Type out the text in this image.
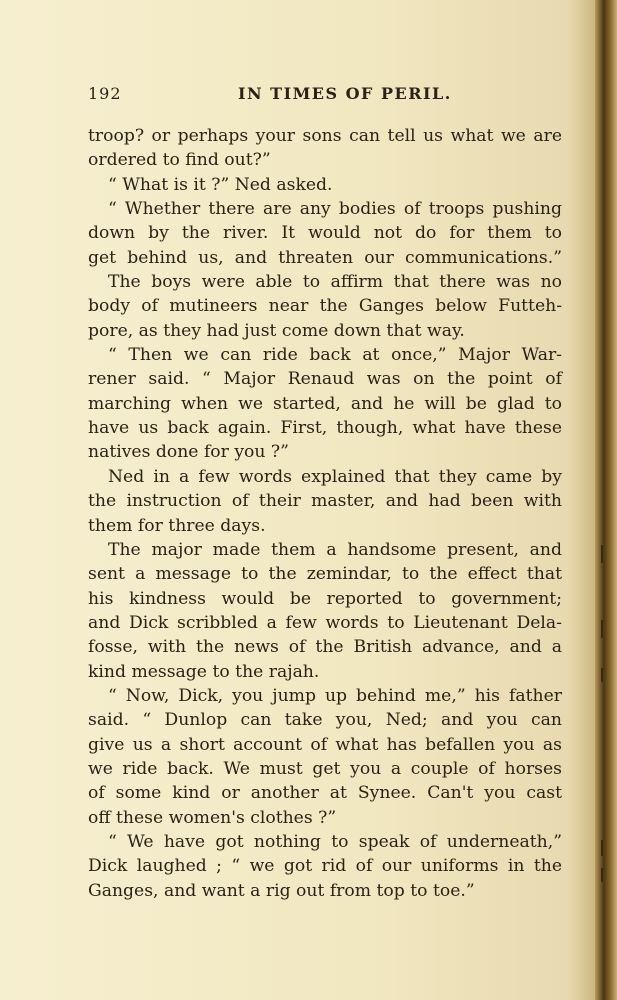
192	IN TIMES OF PERIL.
troop? or perhaps your sons can tell us what we are
ordered to find out?”
“ What is it ?” Ned asked.
“ Whether there are any bodies of troops pushing
down by the river. It would not do for them to
get behind us, and threaten our communications.”
The boys were able to affirm that there was no
body of mutineers near the Ganges below Futteh-
pore, as they had just come down that way.
“ Then we can ride back at once,” Major War-
rener said. “ Major Renaud was on the point of
marching when we started, and he will be glad to
have us back again. First, though, what have these
natives done for you ?”
Ned in a few words explained that they came by
the instruction of their master, and had been with
them for three days.
The major made them a handsome present, and
sent a message to the zemindar, to the effect that
his kindness would be reported to government;
and Dick scribbled a few words to Lieutenant Dela-
fosse, with the news of the British advance, and a
kind message to the rajah.
“ Now, Dick, you jump up behind me,” his father
said. “ Dunlop can take you, Ned; and you can
give us a short account of what has befallen you as
we ride back. We must get you a couple of horses
of some kind or another at Synee. Can't you cast
off these women's clothes ?”
“ We have got nothing to speak of underneath,”
Dick laughed ; “ we got rid of our uniforms in the
Ganges, and want a rig out from top to toe.”
